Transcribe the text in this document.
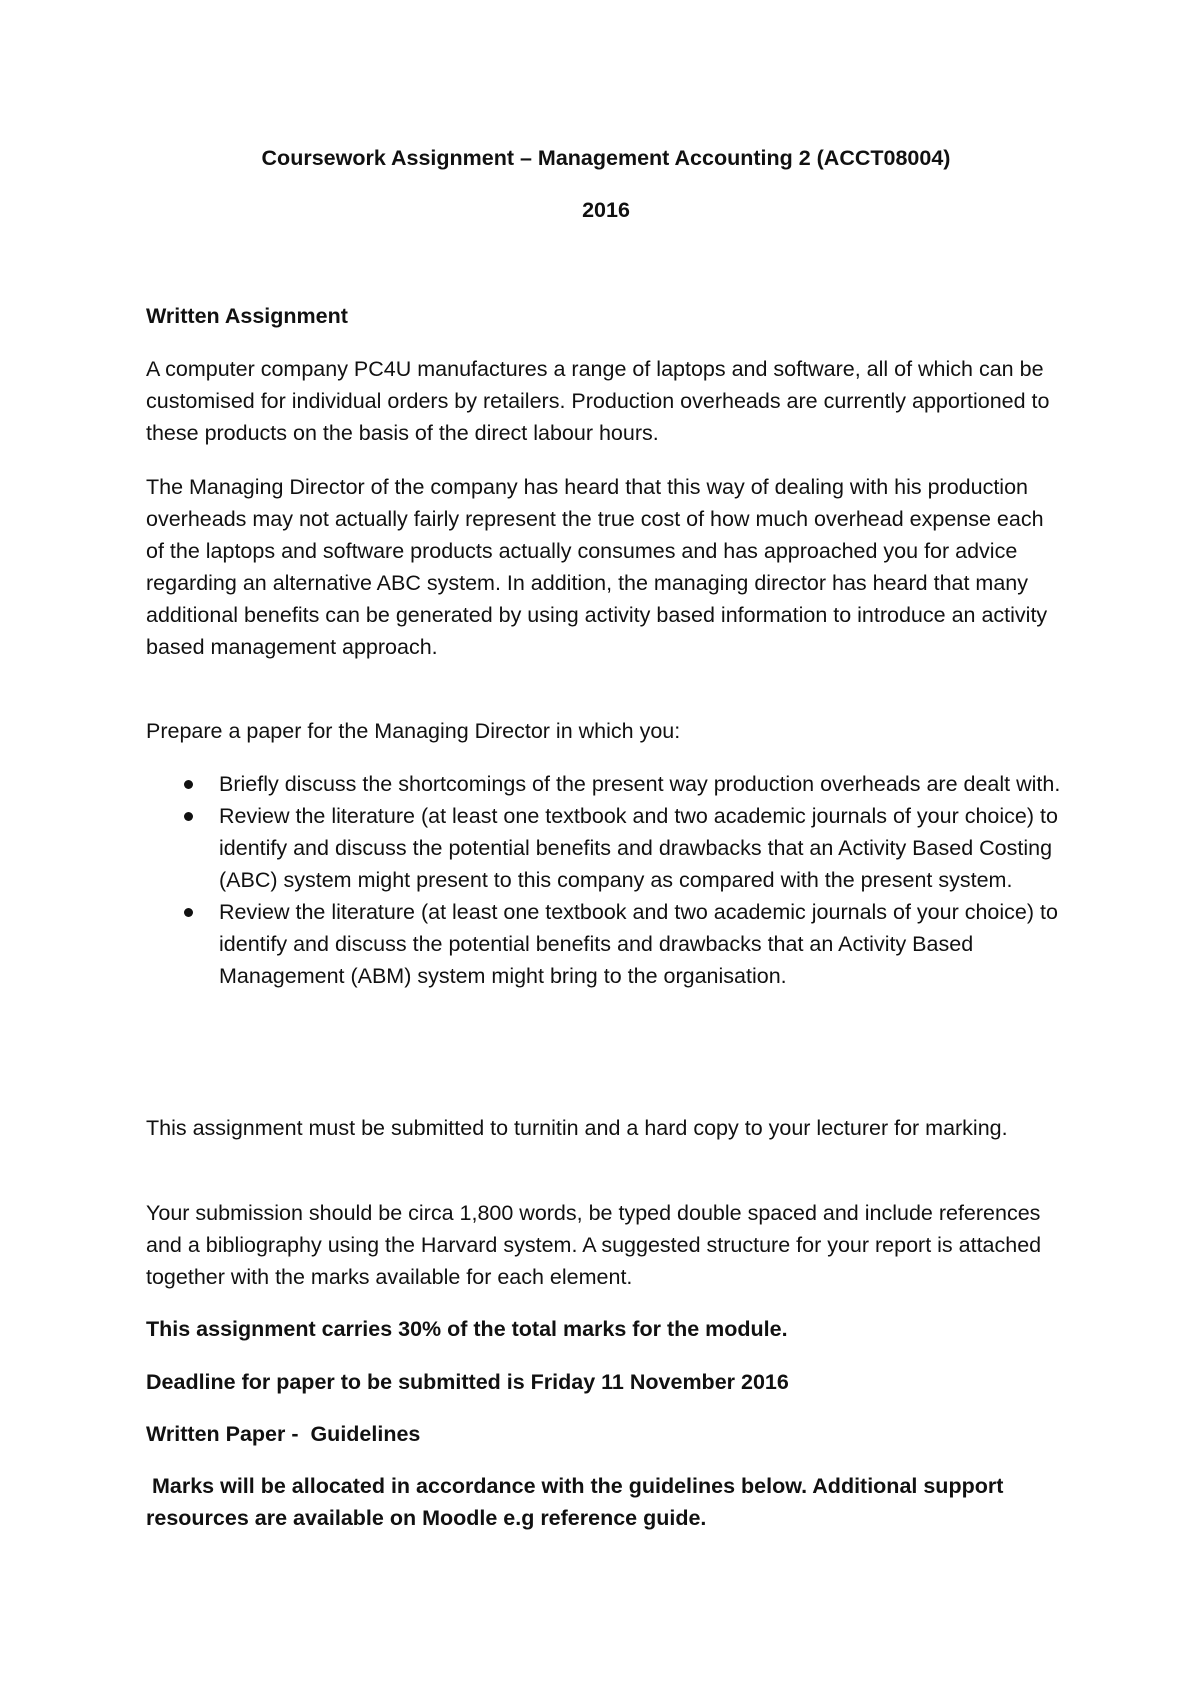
Coursework Assignment – Management Accounting 2 (ACCT08004)

2016

Written Assignment

A computer company PC4U manufactures a range of laptops and software, all of which can be customised for individual orders by retailers. Production overheads are currently apportioned to these products on the basis of the direct labour hours.

The Managing Director of the company has heard that this way of dealing with his production overheads may not actually fairly represent the true cost of how much overhead expense each of the laptops and software products actually consumes and has approached you for advice regarding an alternative ABC system. In addition, the managing director has heard that many additional benefits can be generated by using activity based information to introduce an activity based management approach.

Prepare a paper for the Managing Director in which you:

Briefly discuss the shortcomings of the present way production overheads are dealt with.
Review the literature (at least one textbook and two academic journals of your choice) to identify and discuss the potential benefits and drawbacks that an Activity Based Costing (ABC) system might present to this company as compared with the present system.
Review the literature (at least one textbook and two academic journals of your choice) to identify and discuss the potential benefits and drawbacks that an Activity Based Management (ABM) system might bring to the organisation.

This assignment must be submitted to turnitin and a hard copy to your lecturer for marking.

Your submission should be circa 1,800 words, be typed double spaced and include references and a bibliography using the Harvard system. A suggested structure for your report is attached together with the marks available for each element.

This assignment carries 30% of the total marks for the module.

Deadline for paper to be submitted is Friday 11 November 2016

Written Paper -  Guidelines

Marks will be allocated in accordance with the guidelines below. Additional support resources are available on Moodle e.g reference guide.
